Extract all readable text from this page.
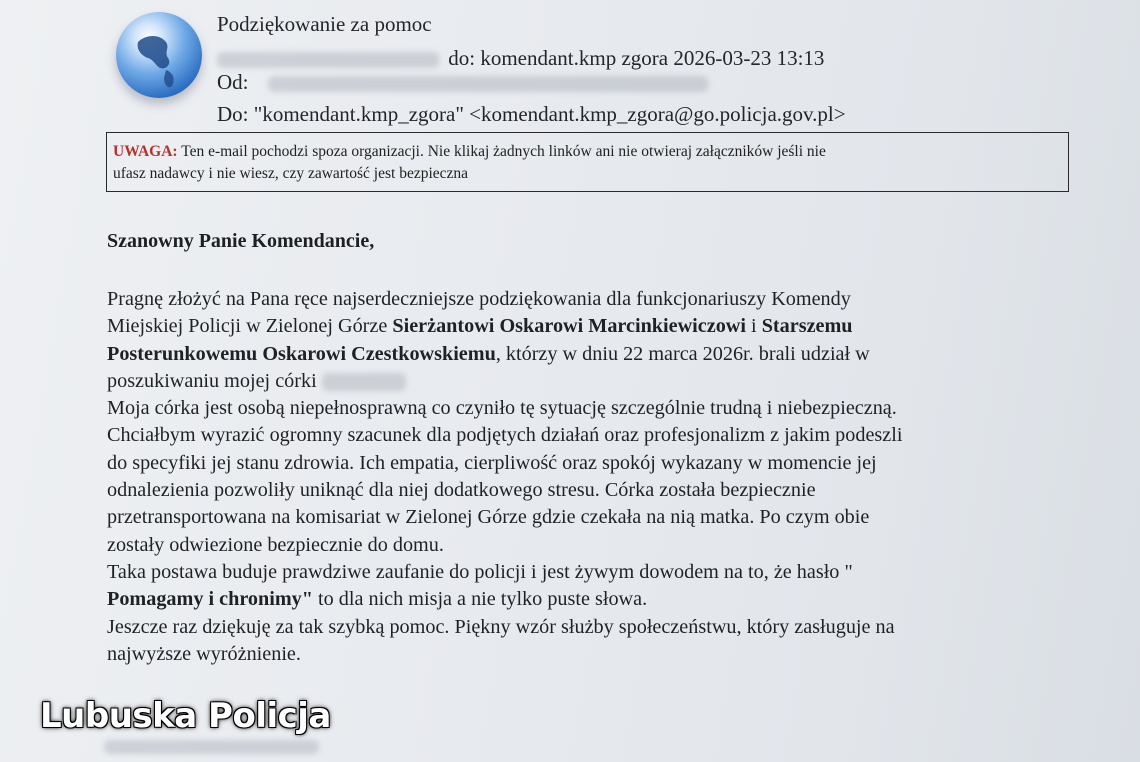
Podziękowanie za pomoc
do: komendant.kmp zgora 2026-03-23 13:13
Od:
Do: "komendant.kmp_zgora" <komendant.kmp_zgora@go.policja.gov.pl>
UWAGA: Ten e-mail pochodzi spoza organizacji. Nie klikaj żadnych linków ani nie otwieraj załączników jeśli nie
ufasz nadawcy i nie wiesz, czy zawartość jest bezpieczna
Szanowny Panie Komendancie,
Pragnę złożyć na Pana ręce najserdeczniejsze podziękowania dla funkcjonariuszy Komendy
Miejskiej Policji w Zielonej Górze Sierżantowi Oskarowi Marcinkiewiczowi i Starszemu
Posterunkowemu Oskarowi Czestkowskiemu, którzy w dniu 22 marca 2026r. brali udział w
poszukiwaniu mojej córki
Moja córka jest osobą niepełnosprawną co czyniło tę sytuację szczególnie trudną i niebezpieczną.
Chciałbym wyrazić ogromny szacunek dla podjętych działań oraz profesjonalizm z jakim podeszli
do specyfiki jej stanu zdrowia. Ich empatia, cierpliwość oraz spokój wykazany w momencie jej
odnalezienia pozwoliły uniknąć dla niej dodatkowego stresu. Córka została bezpiecznie
przetransportowana na komisariat w Zielonej Górze gdzie czekała na nią matka. Po czym obie
zostały odwiezione bezpiecznie do domu.
Taka postawa buduje prawdziwe zaufanie do policji i jest żywym dowodem na to, że hasło "
Pomagamy i chronimy" to dla nich misja a nie tylko puste słowa.
Jeszcze raz dziękuję za tak szybką pomoc. Piękny wzór służby społeczeństwu, który zasługuje na
najwyższe wyróżnienie.
Lubuska Policja
